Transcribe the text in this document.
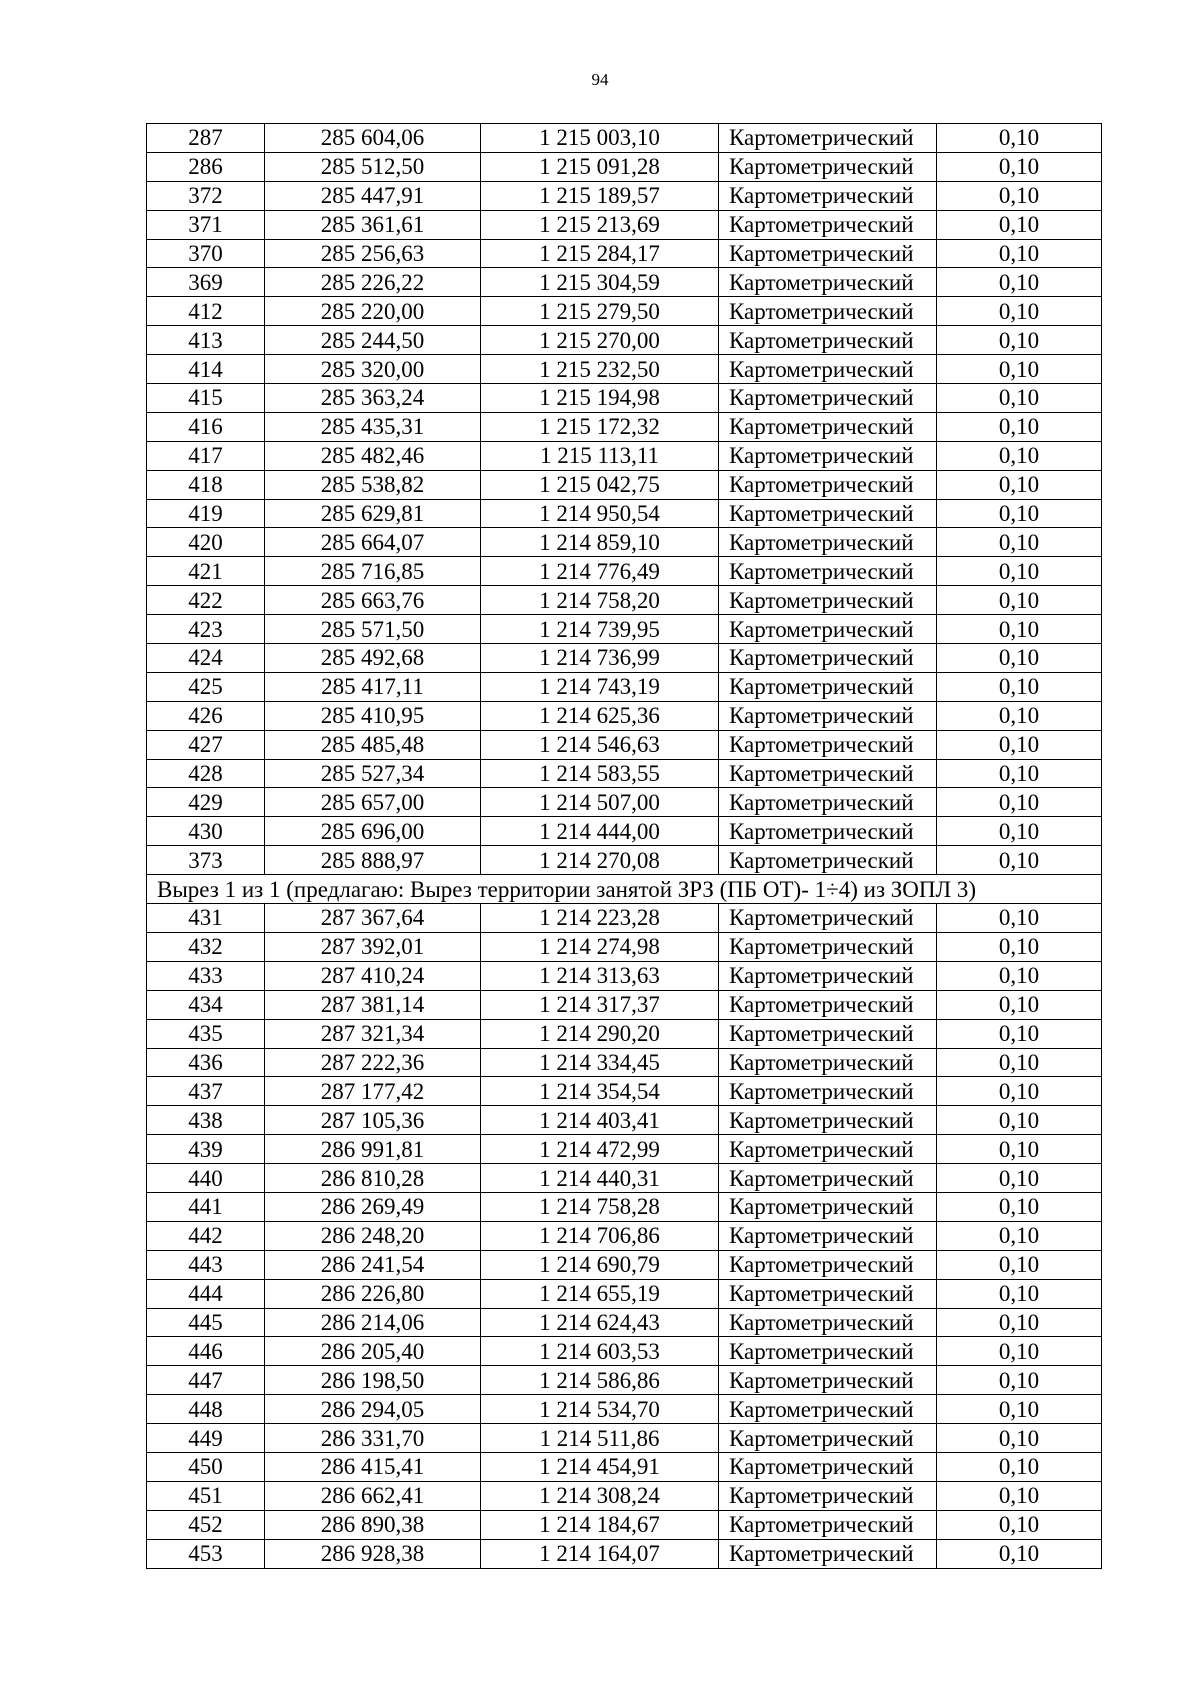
94
287	285 604,06	1 215 003,10	Картометрический	0,10
286	285 512,50	1 215 091,28	Картометрический	0,10
372	285 447,91	1 215 189,57	Картометрический	0,10
371	285 361,61	1 215 213,69	Картометрический	0,10
370	285 256,63	1 215 284,17	Картометрический	0,10
369	285 226,22	1 215 304,59	Картометрический	0,10
412	285 220,00	1 215 279,50	Картометрический	0,10
413	285 244,50	1 215 270,00	Картометрический	0,10
414	285 320,00	1 215 232,50	Картометрический	0,10
415	285 363,24	1 215 194,98	Картометрический	0,10
416	285 435,31	1 215 172,32	Картометрический	0,10
417	285 482,46	1 215 113,11	Картометрический	0,10
418	285 538,82	1 215 042,75	Картометрический	0,10
419	285 629,81	1 214 950,54	Картометрический	0,10
420	285 664,07	1 214 859,10	Картометрический	0,10
421	285 716,85	1 214 776,49	Картометрический	0,10
422	285 663,76	1 214 758,20	Картометрический	0,10
423	285 571,50	1 214 739,95	Картометрический	0,10
424	285 492,68	1 214 736,99	Картометрический	0,10
425	285 417,11	1 214 743,19	Картометрический	0,10
426	285 410,95	1 214 625,36	Картометрический	0,10
427	285 485,48	1 214 546,63	Картометрический	0,10
428	285 527,34	1 214 583,55	Картометрический	0,10
429	285 657,00	1 214 507,00	Картометрический	0,10
430	285 696,00	1 214 444,00	Картометрический	0,10
373	285 888,97	1 214 270,08	Картометрический	0,10
Вырез 1 из 1 (предлагаю: Вырез территории занятой ЗРЗ (ПБ ОТ)- 1÷4) из ЗОПЛ 3)				
431	287 367,64	1 214 223,28	Картометрический	0,10
432	287 392,01	1 214 274,98	Картометрический	0,10
433	287 410,24	1 214 313,63	Картометрический	0,10
434	287 381,14	1 214 317,37	Картометрический	0,10
435	287 321,34	1 214 290,20	Картометрический	0,10
436	287 222,36	1 214 334,45	Картометрический	0,10
437	287 177,42	1 214 354,54	Картометрический	0,10
438	287 105,36	1 214 403,41	Картометрический	0,10
439	286 991,81	1 214 472,99	Картометрический	0,10
440	286 810,28	1 214 440,31	Картометрический	0,10
441	286 269,49	1 214 758,28	Картометрический	0,10
442	286 248,20	1 214 706,86	Картометрический	0,10
443	286 241,54	1 214 690,79	Картометрический	0,10
444	286 226,80	1 214 655,19	Картометрический	0,10
445	286 214,06	1 214 624,43	Картометрический	0,10
446	286 205,40	1 214 603,53	Картометрический	0,10
447	286 198,50	1 214 586,86	Картометрический	0,10
448	286 294,05	1 214 534,70	Картометрический	0,10
449	286 331,70	1 214 511,86	Картометрический	0,10
450	286 415,41	1 214 454,91	Картометрический	0,10
451	286 662,41	1 214 308,24	Картометрический	0,10
452	286 890,38	1 214 184,67	Картометрический	0,10
453	286 928,38	1 214 164,07	Картометрический	0,10
